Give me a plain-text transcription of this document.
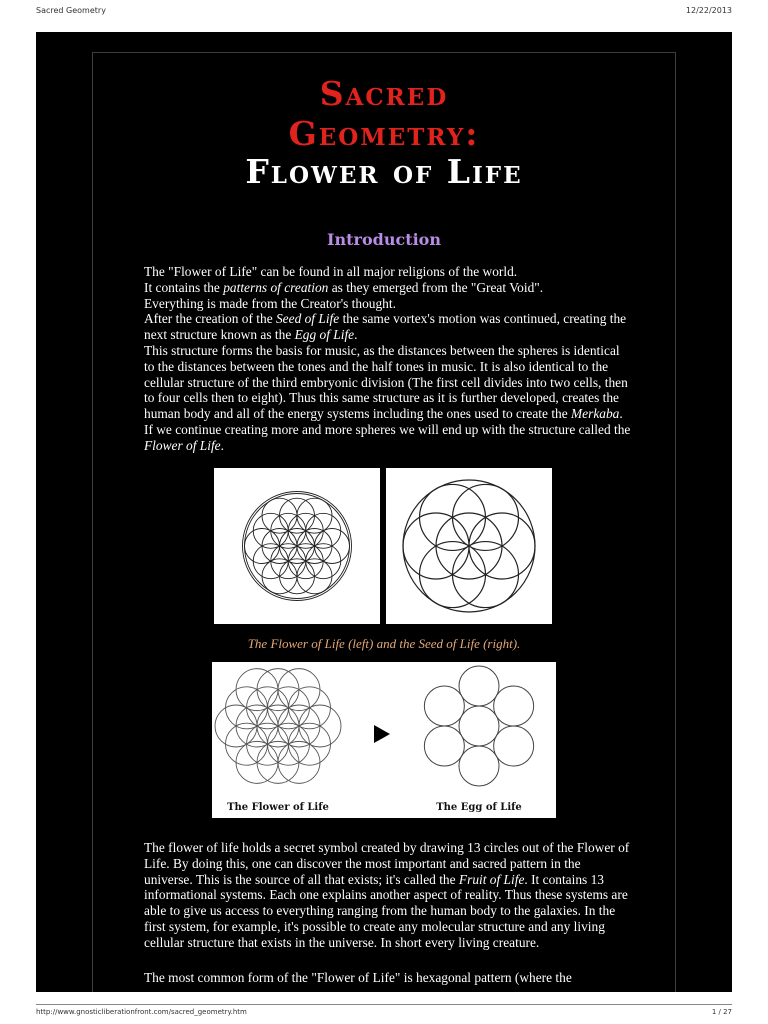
Sacred Geometry	12/22/2013
Sacred
Geometry:
Flower of Life
Introduction

The "Flower of Life" can be found in all major religions of the world.
It contains the patterns of creation as they emerged from the "Great Void".
Everything is made from the Creator's thought.
After the creation of the Seed of Life the same vortex's motion was continued, creating the next structure known as the Egg of Life.
This structure forms the basis for music, as the distances between the spheres is identical to the distances between the tones and the half tones in music. It is also identical to the cellular structure of the third embryonic division (The first cell divides into two cells, then to four cells then to eight). Thus this same structure as it is further developed, creates the human body and all of the energy systems including the ones used to create the Merkaba. If we continue creating more and more spheres we will end up with the structure called the Flower of Life.

The Flower of Life (left) and the Seed of Life (right).
The Flower of Life	The Egg of Life

The flower of life holds a secret symbol created by drawing 13 circles out of the Flower of Life. By doing this, one can discover the most important and sacred pattern in the universe. This is the source of all that exists; it's called the Fruit of Life. It contains 13 informational systems. Each one explains another aspect of reality. Thus these systems are able to give us access to everything ranging from the human body to the galaxies. In the first system, for example, it's possible to create any molecular structure and any living cellular structure that exists in the universe. In short every living creature.

The most common form of the "Flower of Life" is hexagonal pattern (where the

http://www.gnosticliberationfront.com/sacred_geometry.htm	1 / 27
